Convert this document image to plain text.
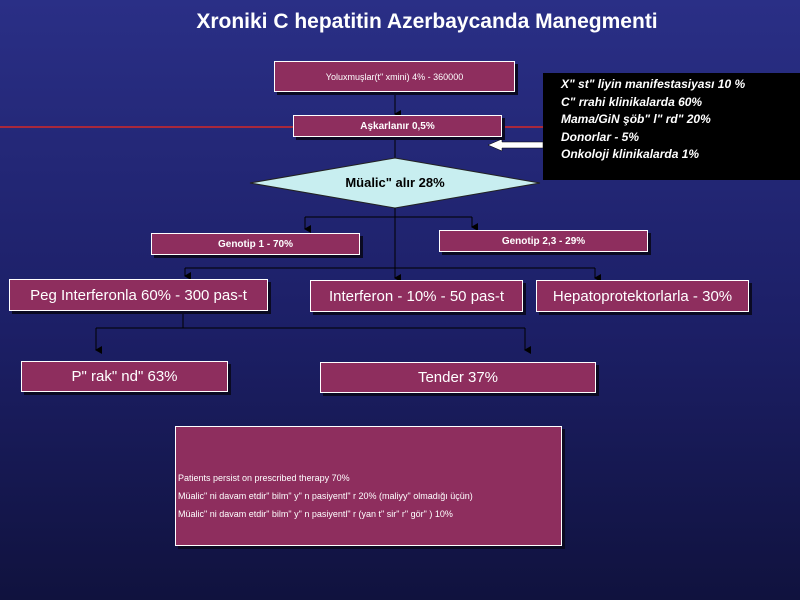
Xroniki C hepatitin Azerbaycanda Manegmenti
Yoluxmuşlar(t" xmini) 4% - 360000
Aşkarlanır 0,5%
Müalic" alır 28%
Genotip 1 - 70%	Genotip 2,3 - 29%
Peg Interferonla 60% - 300 pas-t	Interferon - 10% - 50 pas-t	Hepatoprotektorlarla - 30%
P" rak" nd" 63%	Tender 37%
X" st" liyin manifestasiyası 10 %
C" rrahi klinikalarda 60%
Mama/GiN şöb" l" rd" 20%
Donorlar - 5%
Onkoloji klinikalarda 1%
Patients persist on prescribed therapy 70%
Müalic" ni davam etdir" bilm" y" n pasiyentl" r 20% (maliyy" olmadığı üçün)
Müalic" ni davam etdir" bilm" y" n pasiyentl" r (yan t" sir" r" gör" ) 10%
